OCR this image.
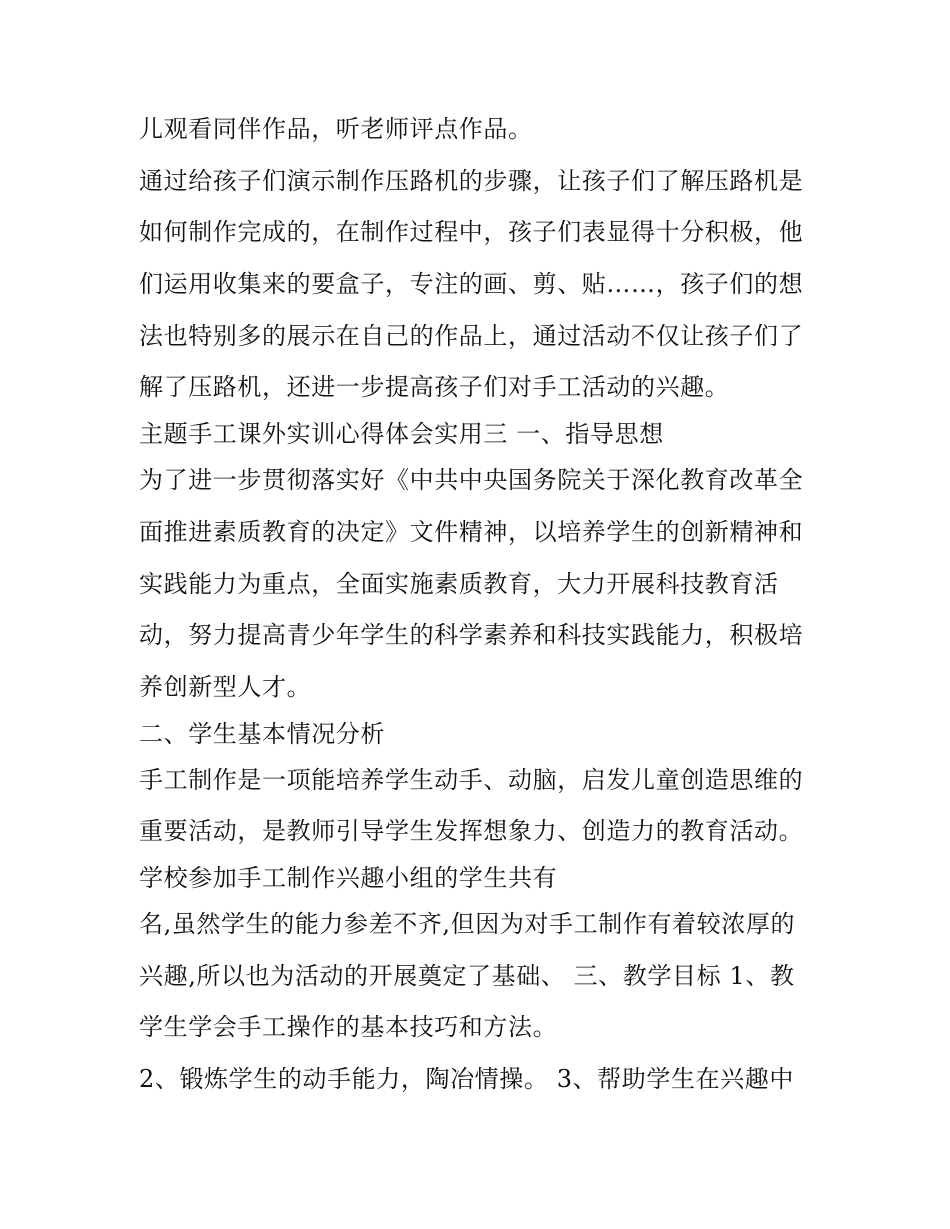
儿观看同伴作品，听老师评点作品。
通过给孩子们演示制作压路机的步骤，让孩子们了解压路机是
如何制作完成的，在制作过程中，孩子们表显得十分积极，他
们运用收集来的要盒子，专注的画、剪、贴……，孩子们的想
法也特别多的展示在自己的作品上，通过活动不仅让孩子们了
解了压路机，还进一步提高孩子们对手工活动的兴趣。
主题手工课外实训心得体会实用三 一、指导思想
为了进一步贯彻落实好《中共中央国务院关于深化教育改革全
面推进素质教育的决定》文件精神，以培养学生的创新精神和
实践能力为重点，全面实施素质教育，大力开展科技教育活
动，努力提高青少年学生的科学素养和科技实践能力，积极培
养创新型人才。
二、学生基本情况分析
手工制作是一项能培养学生动手、动脑，启发儿童创造思维的
重要活动，是教师引导学生发挥想象力、创造力的教育活动。
学校参加手工制作兴趣小组的学生共有
名,虽然学生的能力参差不齐,但因为对手工制作有着较浓厚的
兴趣,所以也为活动的开展奠定了基础、 三、教学目标 1、教
学生学会手工操作的基本技巧和方法。
2、锻炼学生的动手能力，陶冶情操。 3、帮助学生在兴趣中
